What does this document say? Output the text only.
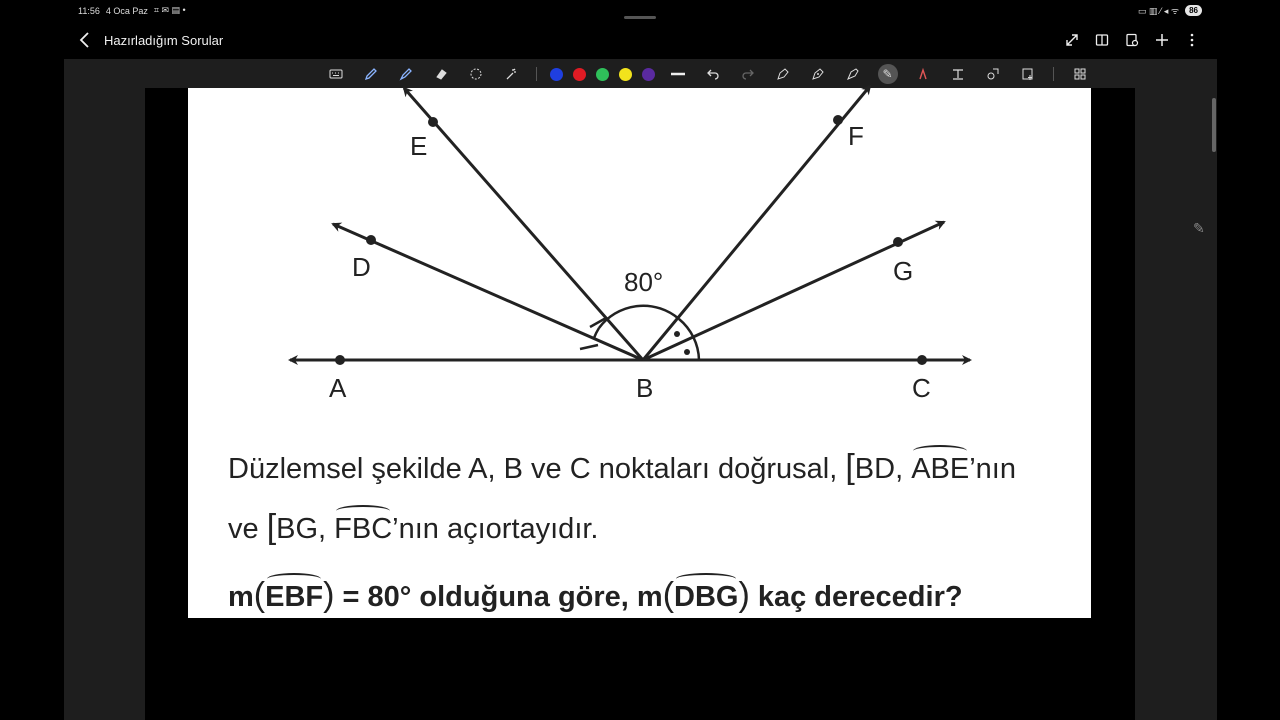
11:56 4 Oca Paz ⌗ ✉ ▤ •	▭ ▥ ⁄ ◂ ᯤ	86
Hazırladığım Sorular
✎
A	B	C
D
E	F
G
80°
Düzlemsel şekilde A, B ve C noktaları doğrusal, [BD, ABE’nın
ve [BG, FBC’nın açıortayıdır.
m(EBF) = 80° olduğuna göre, m(DBG) kaç derecedir?
✎
